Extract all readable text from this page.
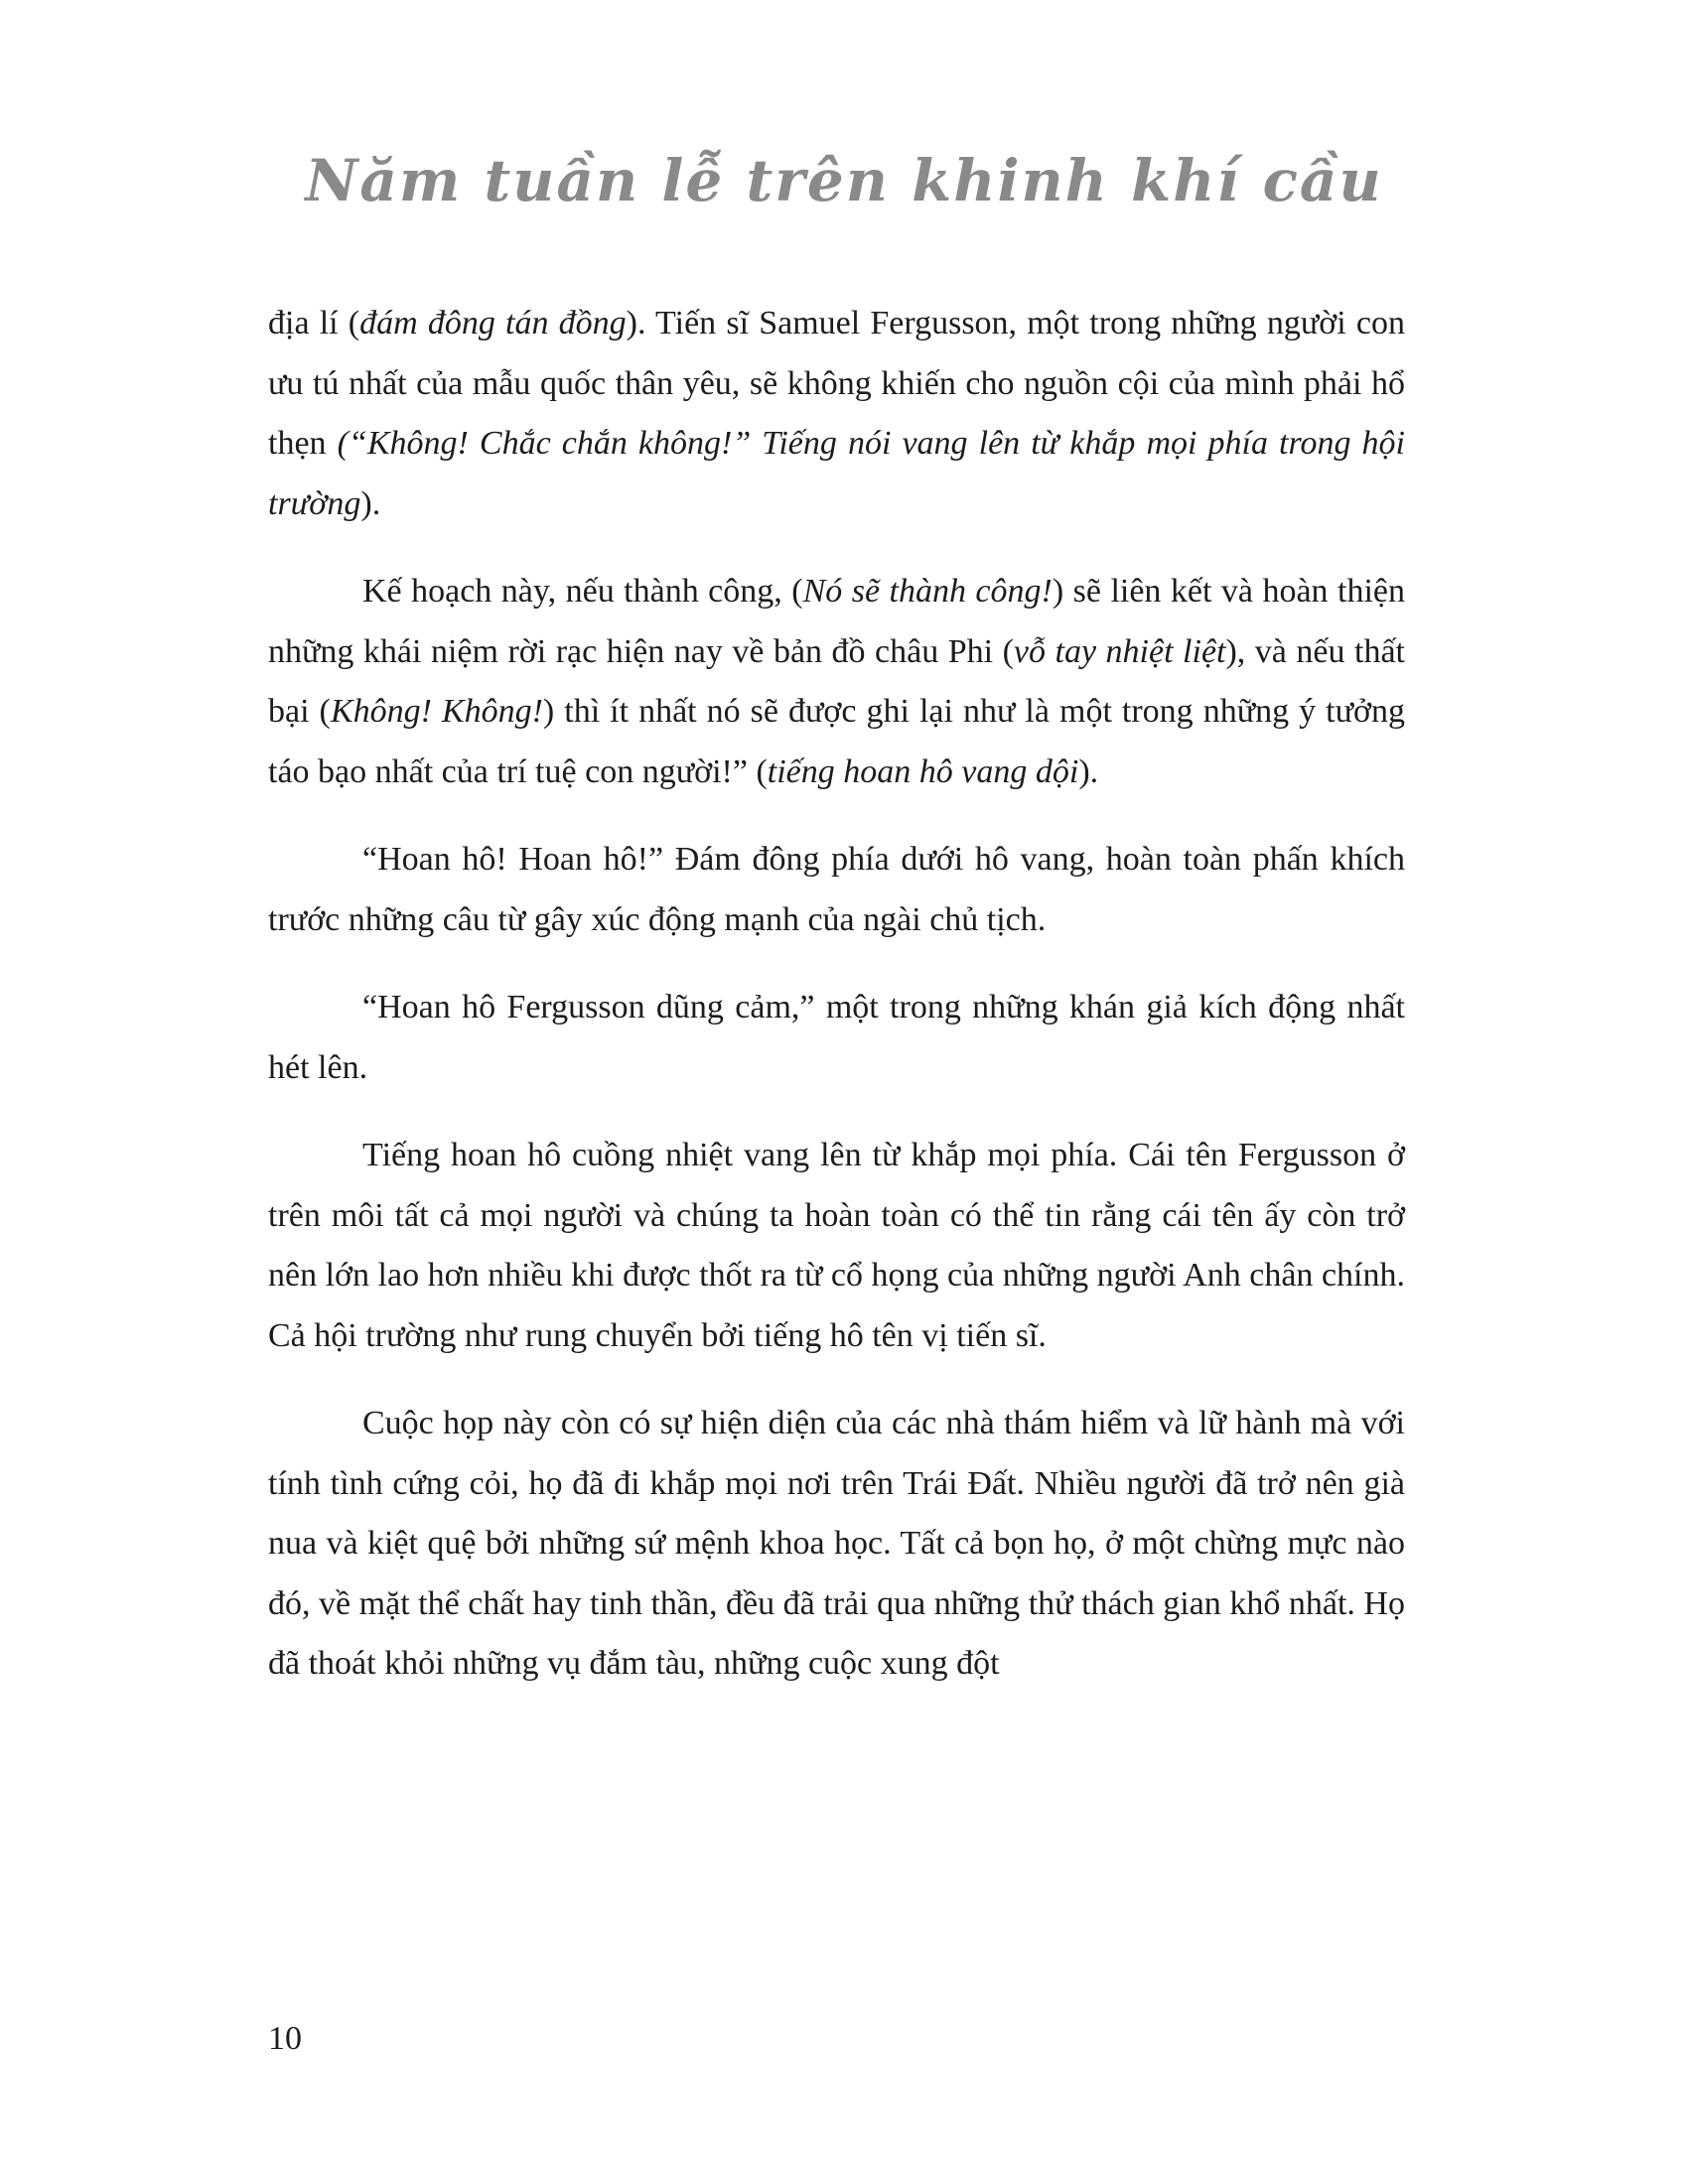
Năm tuần lễ trên khinh khí cầu

địa lí (đám đông tán đồng). Tiến sĩ Samuel Fergusson, một trong những người con ưu tú nhất của mẫu quốc thân yêu, sẽ không khiến cho nguồn cội của mình phải hổ thẹn (“Không! Chắc chắn không!” Tiếng nói vang lên từ khắp mọi phía trong hội trường).

Kế hoạch này, nếu thành công, (Nó sẽ thành công!) sẽ liên kết và hoàn thiện những khái niệm rời rạc hiện nay về bản đồ châu Phi (vỗ tay nhiệt liệt), và nếu thất bại (Không! Không!) thì ít nhất nó sẽ được ghi lại như là một trong những ý tưởng táo bạo nhất của trí tuệ con người!” (tiếng hoan hô vang dội).

“Hoan hô! Hoan hô!” Đám đông phía dưới hô vang, hoàn toàn phấn khích trước những câu từ gây xúc động mạnh của ngài chủ tịch.

“Hoan hô Fergusson dũng cảm,” một trong những khán giả kích động nhất hét lên.

Tiếng hoan hô cuồng nhiệt vang lên từ khắp mọi phía. Cái tên Fergusson ở trên môi tất cả mọi người và chúng ta hoàn toàn có thể tin rằng cái tên ấy còn trở nên lớn lao hơn nhiều khi được thốt ra từ cổ họng của những người Anh chân chính. Cả hội trường như rung chuyển bởi tiếng hô tên vị tiến sĩ.

Cuộc họp này còn có sự hiện diện của các nhà thám hiểm và lữ hành mà với tính tình cứng cỏi, họ đã đi khắp mọi nơi trên Trái Đất. Nhiều người đã trở nên già nua và kiệt quệ bởi những sứ mệnh khoa học. Tất cả bọn họ, ở một chừng mực nào đó, về mặt thể chất hay tinh thần, đều đã trải qua những thử thách gian khổ nhất. Họ đã thoát khỏi những vụ đắm tàu, những cuộc xung đột

10
